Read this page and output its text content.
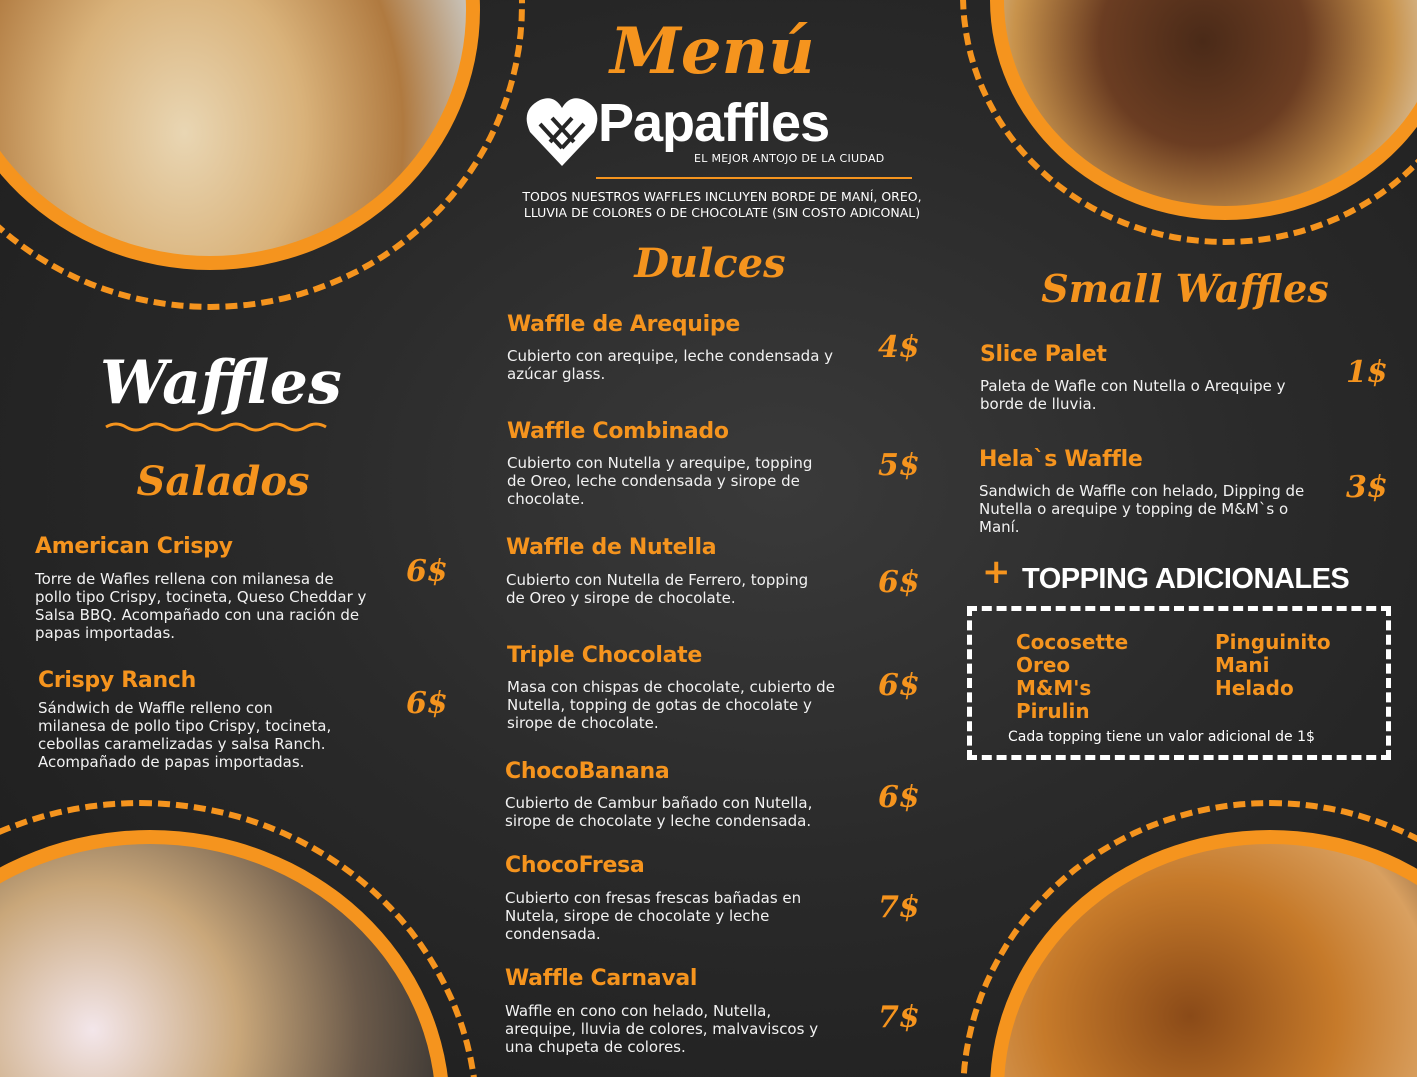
Menú
Papaffles
EL MEJOR ANTOJO DE LA CIUDAD
TODOS NUESTROS WAFFLES INCLUYEN BORDE DE MANÍ, OREO,
LLUVIA DE COLORES O DE CHOCOLATE (SIN COSTO ADICONAL)
Waffles
Salados
American Crispy
Torre de Wafles rellena con milanesa de pollo tipo Crispy, tocineta, Queso Cheddar y Salsa BBQ. Acompañado con una ración de papas importadas.
6$
Crispy Ranch
Sándwich de Waffle relleno con milanesa de pollo tipo Crispy, tocineta, cebollas caramelizadas y salsa Ranch. Acompañado de papas importadas.
6$
Dulces
Waffle de Arequipe
Cubierto con arequipe, leche condensada y azúcar glass.
4$
Waffle Combinado
Cubierto con Nutella y arequipe, topping de Oreo, leche condensada y sirope de chocolate.
5$
Waffle de Nutella
Cubierto con Nutella de Ferrero, topping de Oreo y sirope de chocolate.	6$
Triple Chocolate
Masa con chispas de chocolate, cubierto de Nutella, topping de gotas de chocolate y sirope de chocolate.
6$
ChocoBanana
Cubierto de Cambur bañado con Nutella, sirope de chocolate y leche condensada.
6$
ChocoFresa
Cubierto con fresas frescas bañadas en Nutela, sirope de chocolate y leche condensada.
7$
Waffle Carnaval
Waffle en cono con helado, Nutella, arequipe, lluvia de colores, malvaviscos y una chupeta de colores.
7$
Small Waffles
Slice Palet
Paleta de Wafle con Nutella o Arequipe y borde de lluvia.
1$
Hela`s Waffle
Sandwich de Waffle con helado, Dipping de Nutella o arequipe y topping de M&M`s o Maní.
3$
+ TOPPING ADICIONALES
Cocosette
Oreo
M&M's
Pirulin
Pinguinito
Mani
Helado
Cada topping tiene un valor adicional de 1$
